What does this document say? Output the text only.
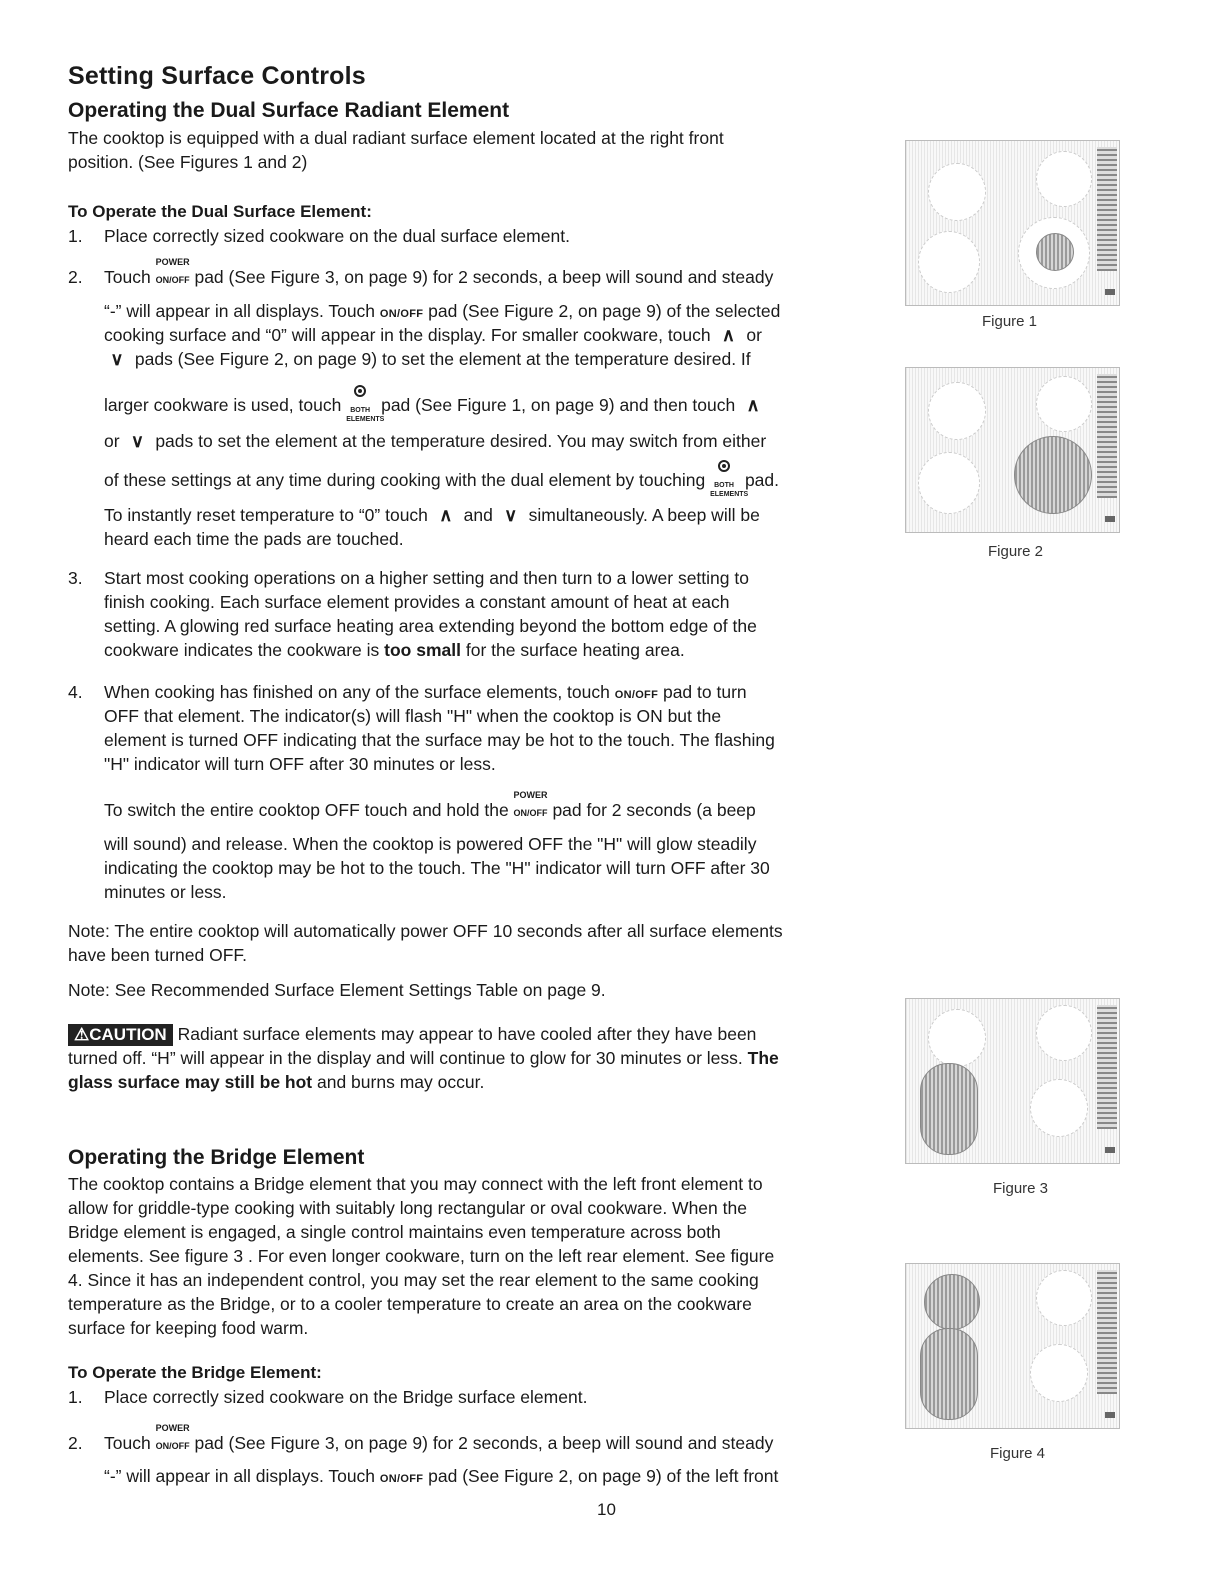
Setting Surface Controls
Operating the Dual Surface Radiant Element

The cooktop is equipped with a dual radiant surface element located at the right front

position. (See Figures 1 and 2)

To Operate the Dual Surface Element:

1. Place correctly sized cookware on the dual surface element.

2. Touch
POWER
ON/OFF pad (See Figure 3, on page 9) for 2 seconds, a beep will sound and steady

“-” will appear in all displays. Touch ON/OFF pad (See Figure 2, on page 9) of the selected

cooking surface and “0” will appear in the display. For smaller cookware, touch ∧ or

∨ pads (See Figure 2, on page 9) to set the element at the temperature desired. If

larger cookware is used, touch BOTH
ELEMENTS
pad (See Figure 1, on page 9) and then touch ∧

or ∨ pads to set the element at the temperature desired. You may switch from either

of these settings at any time during cooking with the dual element by touching BOTH
ELEMENTS
pad.

To instantly reset temperature to “0” touch ∧ and ∨ simultaneously. A beep will be

heard each time the pads are touched.

3. Start most cooking operations on a higher setting and then turn to a lower setting to

finish cooking. Each surface element provides a constant amount of heat at each

setting. A glowing red surface heating area extending beyond the bottom edge of the

cookware indicates the cookware is too small for the surface heating area.

4. When cooking has finished on any of the surface elements, touch ON/OFF pad to turn

OFF that element. The indicator(s) will flash "H" when the cooktop is ON but the

element is turned OFF indicating that the surface may be hot to the touch. The flashing

"H" indicator will turn OFF after 30 minutes or less.

To switch the entire cooktop OFF touch and hold the
POWER
ON/OFF pad for 2 seconds (a beep

will sound) and release. When the cooktop is powered OFF the "H" will glow steadily

indicating the cooktop may be hot to the touch. The "H" indicator will turn OFF after 30

minutes or less.

Note: The entire cooktop will automatically power OFF 10 seconds after all surface elements

have been turned OFF.

Note: See Recommended Surface Element Settings Table on page 9.

⚠CAUTION Radiant surface elements may appear to have cooled after they have been

turned off. “H” will appear in the display and will continue to glow for 30 minutes or less. The

glass surface may still be hot and burns may occur.

Operating the Bridge Element

The cooktop contains a Bridge element that you may connect with the left front element to

allow for griddle-type cooking with suitably long rectangular or oval cookware. When the

Bridge element is engaged, a single control maintains even temperature across both

elements. See figure 3 . For even longer cookware, turn on the left rear element. See figure

4. Since it has an independent control, you may set the rear element to the same cooking

temperature as the Bridge, or to a cooler temperature to create an area on the cookware

surface for keeping food warm.

To Operate the Bridge Element:

1. Place correctly sized cookware on the Bridge surface element.

2. Touch
POWER
ON/OFF pad (See Figure 3, on page 9) for 2 seconds, a beep will sound and steady

“-” will appear in all displays. Touch ON/OFF pad (See Figure 2, on page 9) of the left front

10
Figure 1
Figure 2
Figure 3
Figure 4
